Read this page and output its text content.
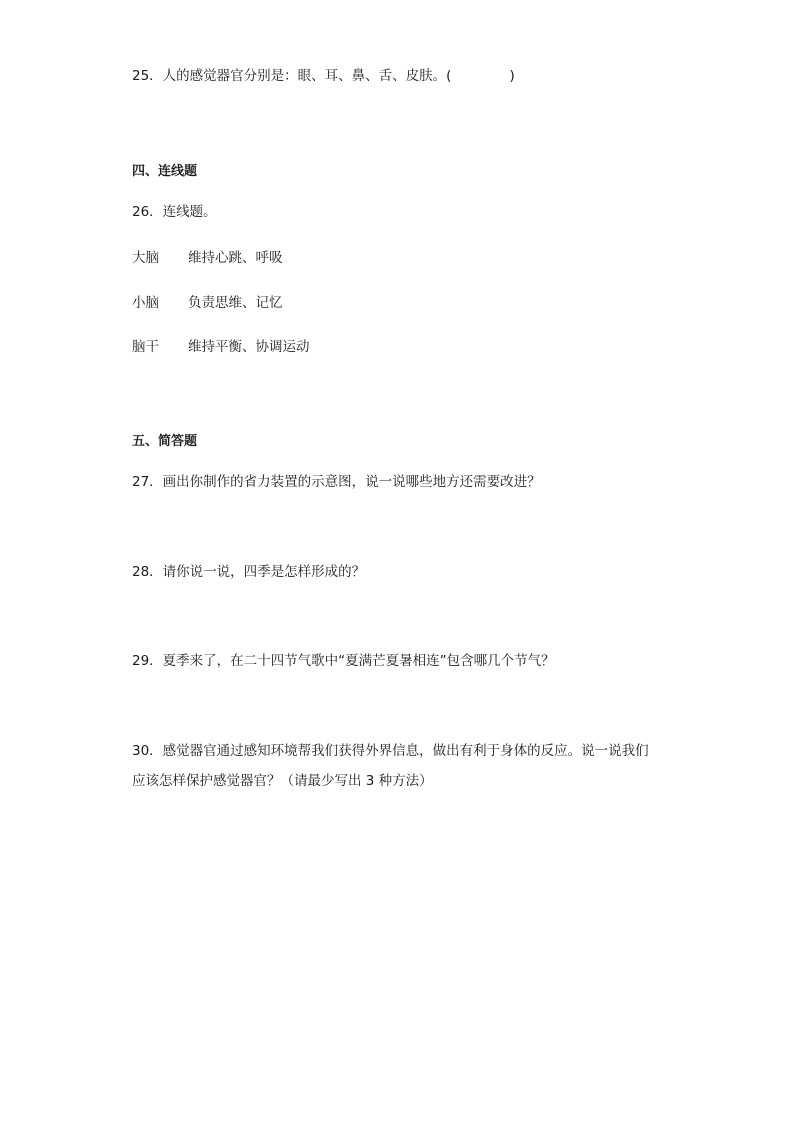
25．人的感觉器官分别是：眼、耳、鼻、舌、皮肤。(	)
四、连线题
26．连线题。
大脑 维持心跳、呼吸
小脑 负责思维、记忆
脑干 维持平衡、协调运动
五、简答题
27．画出你制作的省力装置的示意图，说一说哪些地方还需要改进？
28．请你说一说，四季是怎样形成的？
29．夏季来了，在二十四节气歌中“夏满芒夏暑相连”包含哪几个节气？
30．感觉器官通过感知环境帮我们获得外界信息，做出有利于身体的反应。说一说我们
应该怎样保护感觉器官？（请最少写出 3 种方法）
